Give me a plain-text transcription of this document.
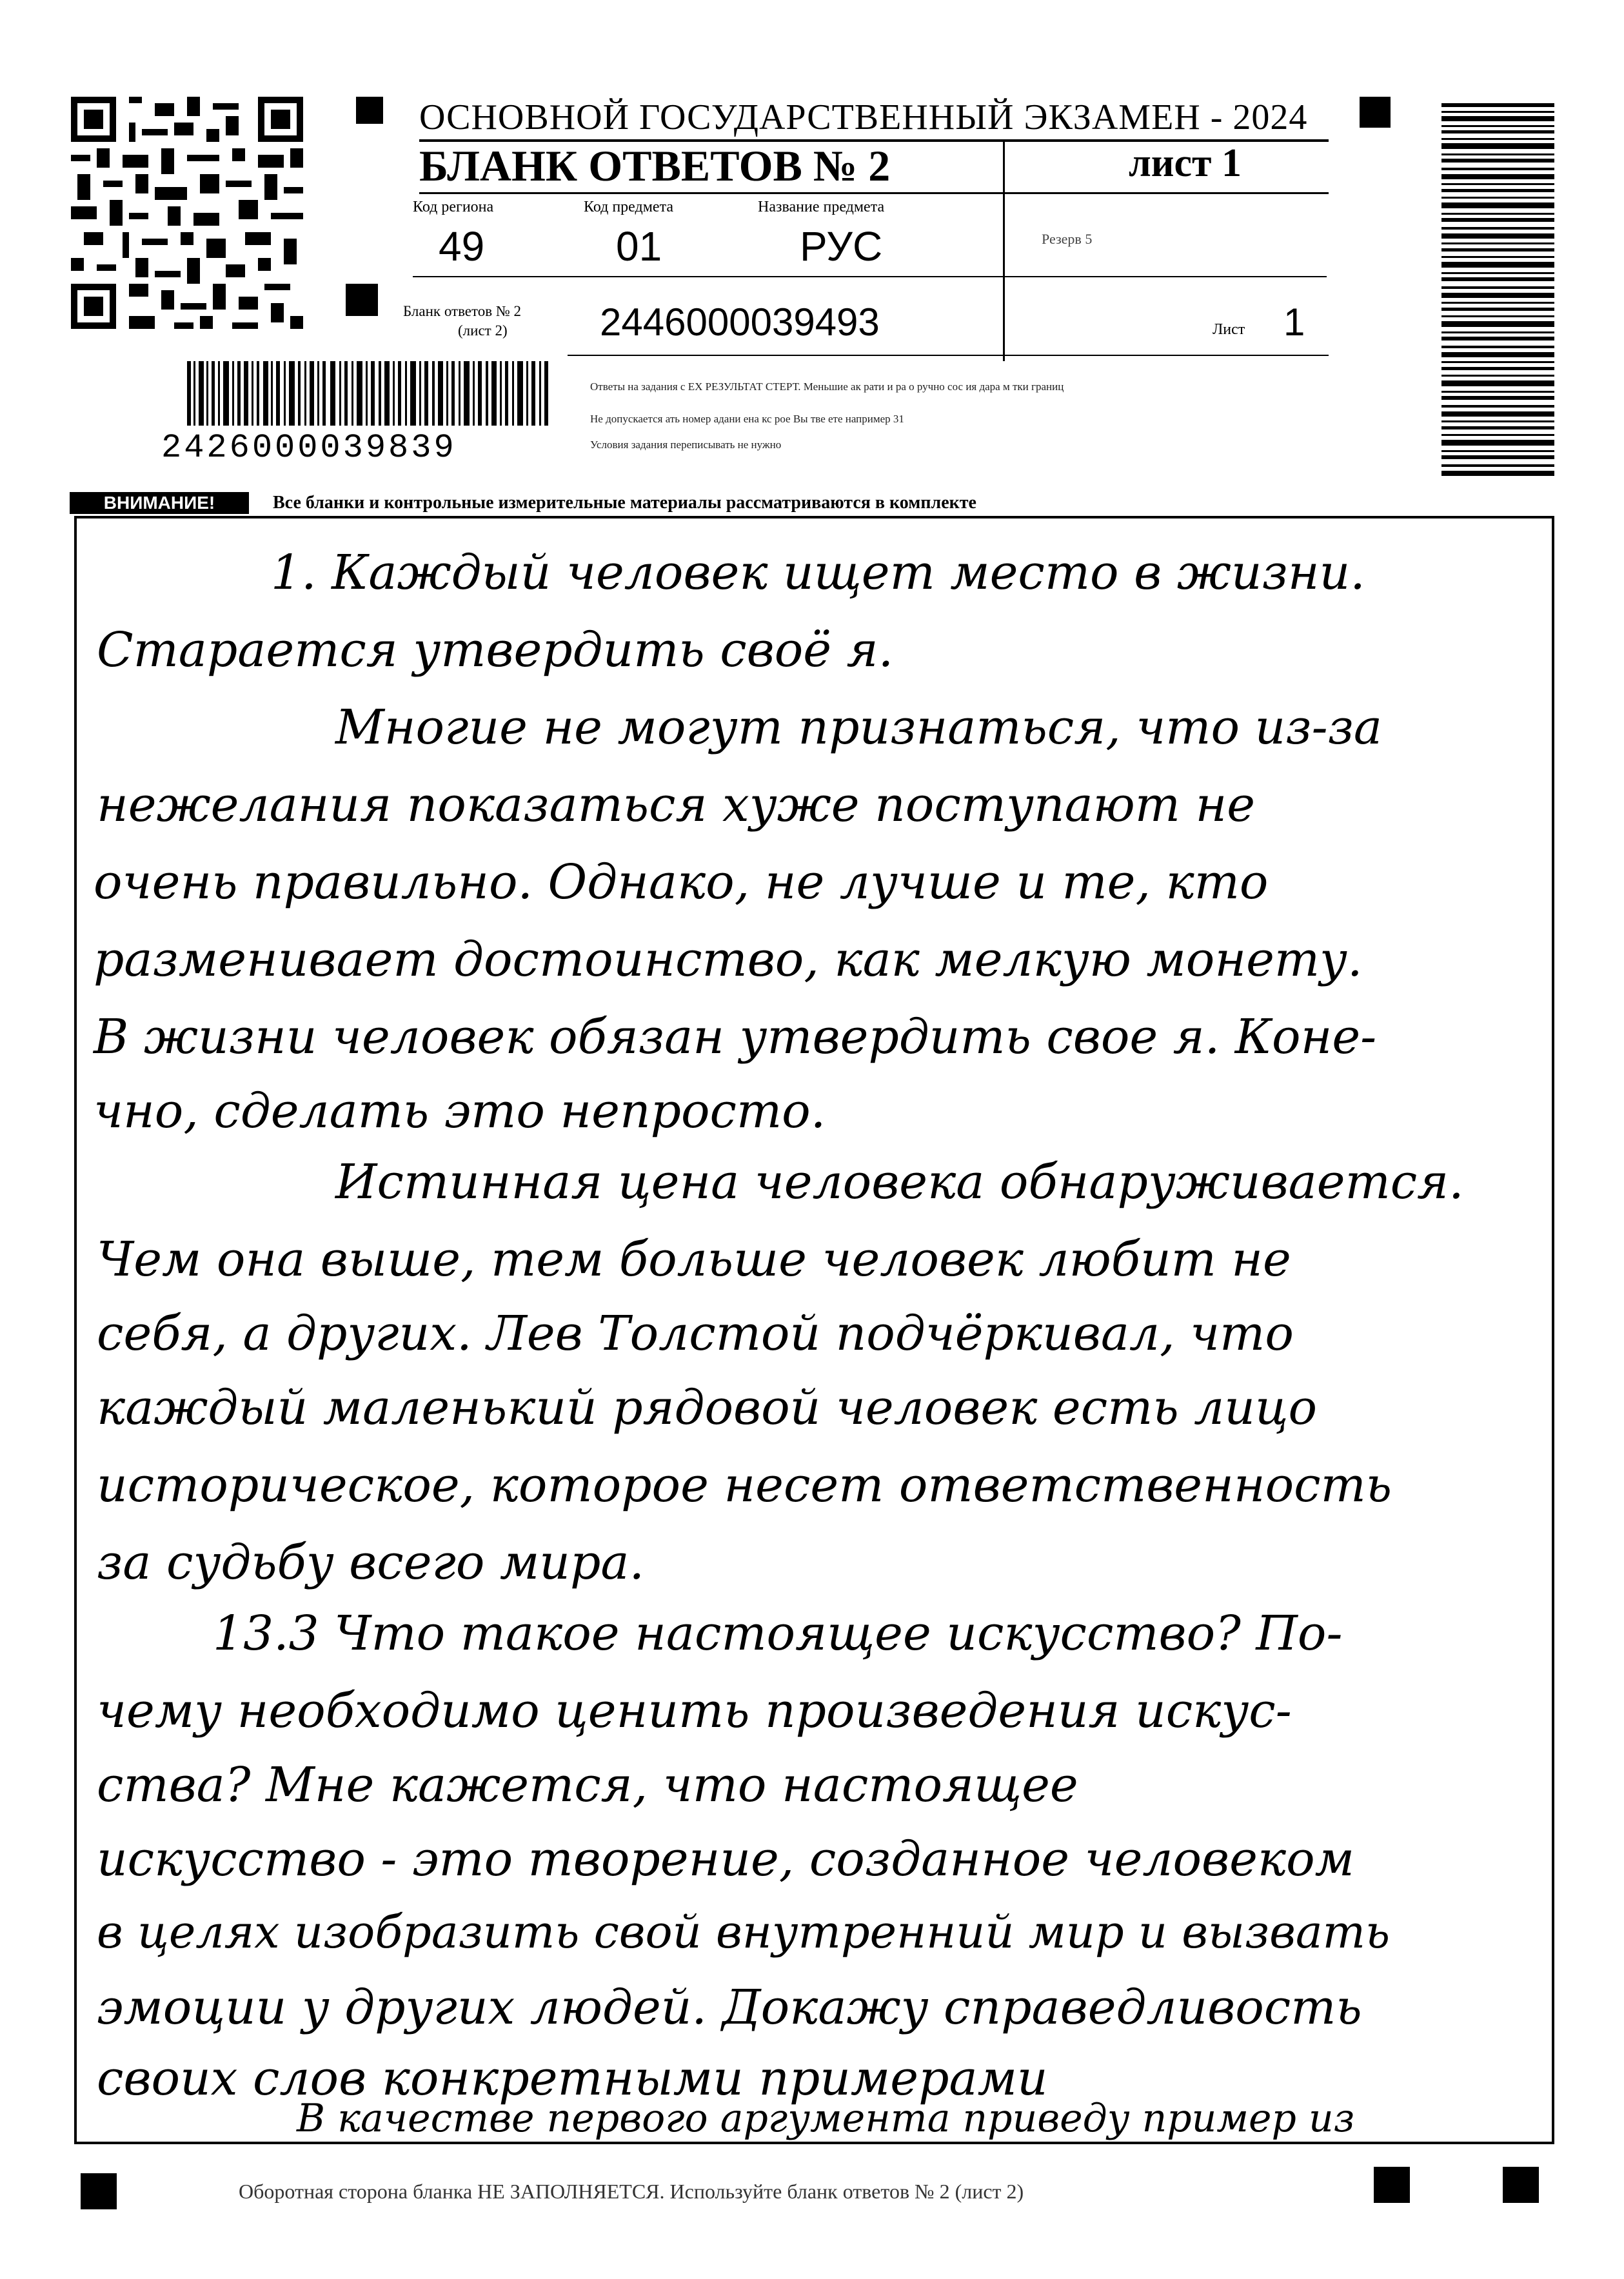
ОСНОВНОЙ ГОСУДАРСТВЕННЫЙ ЭКЗАМЕН - 2024
БЛАНК ОТВЕТОВ № 2	лист 1
Код региона	Код предмета	Название предмета
Резерв 5
49	01	РУС
Бланк ответов № 2
(лист 2) 2446000039493	Лист 1
Ответы на задания с ЕХ РЕЗУЛЬТАТ СТЕРТ. Меньшие ак рати и ра о ручно сос ия дара м тки границ
Не допускается ать номер адани ена кс рое Вы тве ете например 31
Условия задания переписывать не нужно
2426000039839
ВНИМАНИЕ!	Все бланки и контрольные измерительные материалы рассматриваются в комплекте
1. Каждый человек ищет место в жизни.
Старается утвердить своё я.
Многие не могут признаться, что из-за
нежелания показаться хуже поступают не
очень правильно. Однако, не лучше и те, кто
разменивает достоинство, как мелкую монету.
В жизни человек обязан утвердить свое я. Коне-
чно, сделать это непросто.
Истинная цена человека обнаруживается.
Чем она выше, тем больше человек любит не
себя, а других. Лев Толстой подчёркивал, что
каждый маленький рядовой человек есть лицо
историческое, которое несет ответственность
за судьбу всего мира.
13.3 Что такое настоящее искусство? По-
чему необходимо ценить произведения искус-
ства? Мне кажется, что настоящее
искусство - это творение, созданное человеком
в целях изобразить свой внутренний мир и вызвать
эмоции у других людей. Докажу справедливость
своих слов конкретными примерами
В качестве первого аргумента приведу пример из
Оборотная сторона бланка НЕ ЗАПОЛНЯЕТСЯ. Используйте бланк ответов № 2 (лист 2)
